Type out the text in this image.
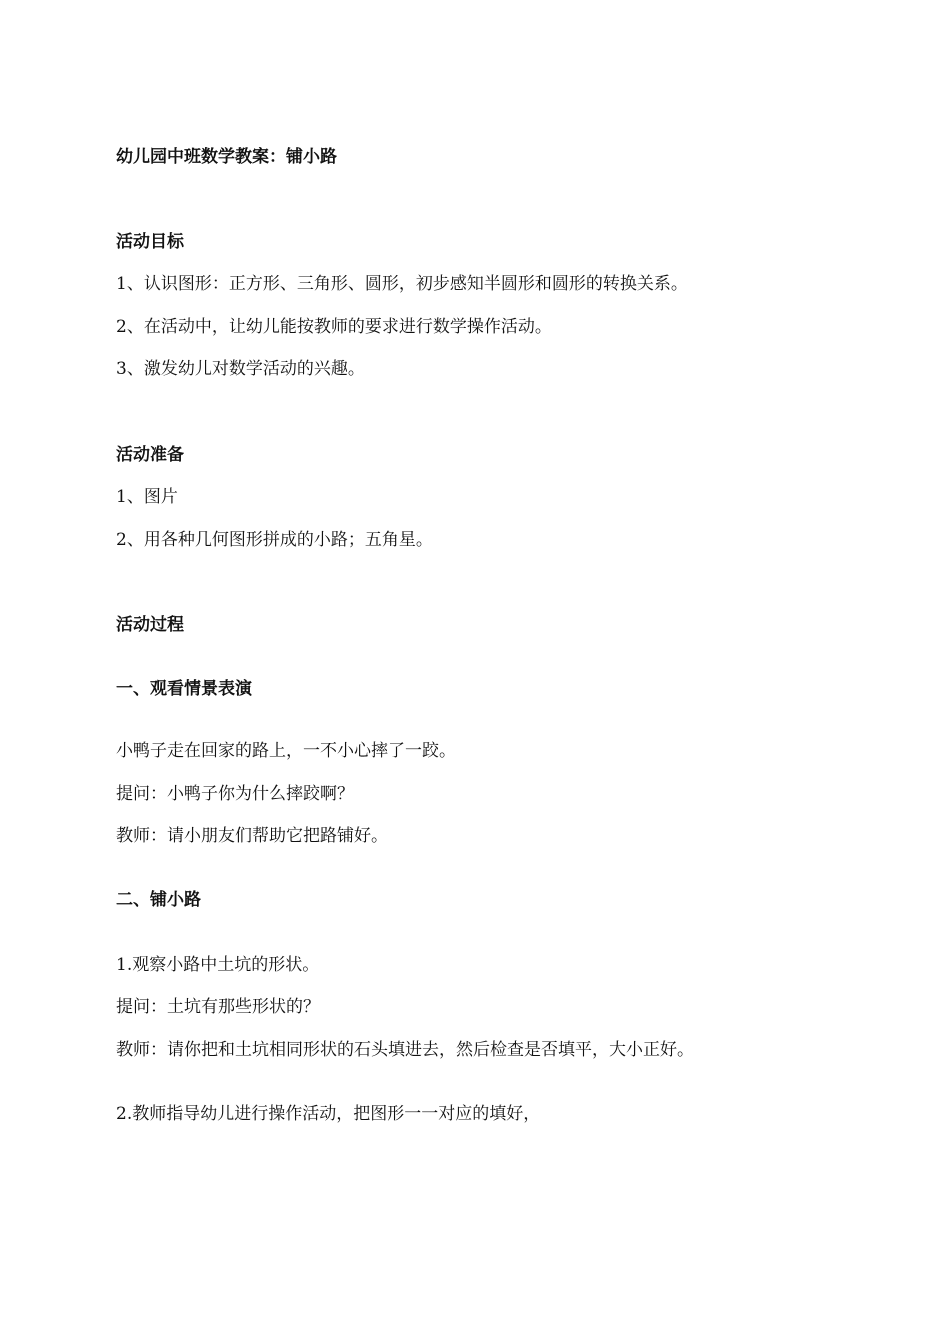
幼儿园中班数学教案：铺小路
活动目标
1、认识图形：正方形、三角形、圆形，初步感知半圆形和圆形的转换关系。
2、在活动中，让幼儿能按教师的要求进行数学操作活动。
3、激发幼儿对数学活动的兴趣。
活动准备
1、图片
2、用各种几何图形拼成的小路；五角星。
活动过程
一、观看情景表演
小鸭子走在回家的路上，一不小心摔了一跤。
提问：小鸭子你为什么摔跤啊？
教师：请小朋友们帮助它把路铺好。
二、铺小路
1.观察小路中土坑的形状。
提问：土坑有那些形状的？
教师：请你把和土坑相同形状的石头填进去，然后检查是否填平，大小正好。
2.教师指导幼儿进行操作活动，把图形一一对应的填好，
